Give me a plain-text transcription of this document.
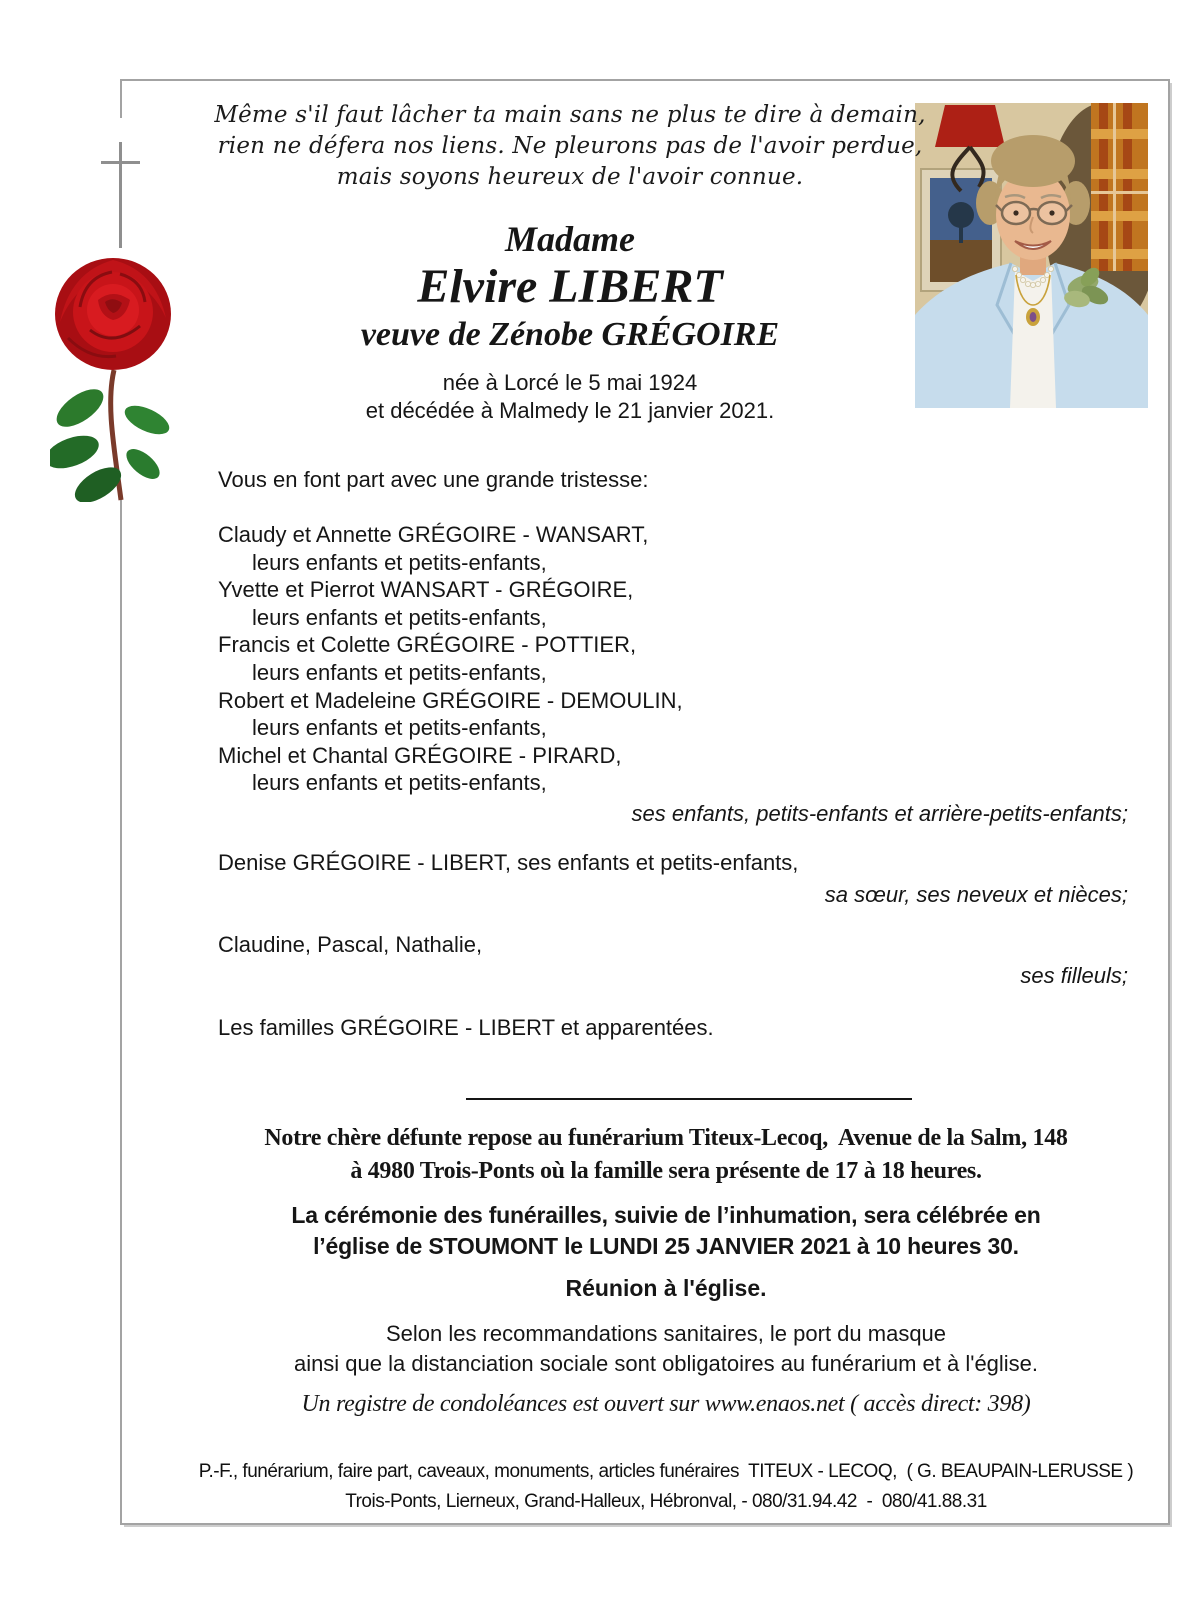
Même s'il faut lâcher ta main sans ne plus te dire à demain,
rien ne défera nos liens. Ne pleurons pas de l'avoir perdue,
mais soyons heureux de l'avoir connue.
Madame
Elvire LIBERT
veuve de Zénobe GRÉGOIRE
née à Lorcé le 5 mai 1924
et décédée à Malmedy le 21 janvier 2021.
Vous en font part avec une grande tristesse:
Claudy et Annette GRÉGOIRE - WANSART,
leurs enfants et petits-enfants,
Yvette et Pierrot WANSART - GRÉGOIRE,
leurs enfants et petits-enfants,
Francis et Colette GRÉGOIRE - POTTIER,
leurs enfants et petits-enfants,
Robert et Madeleine GRÉGOIRE - DEMOULIN,
leurs enfants et petits-enfants,
Michel et Chantal GRÉGOIRE - PIRARD,
leurs enfants et petits-enfants,
ses enfants, petits-enfants et arrière-petits-enfants;
Denise GRÉGOIRE - LIBERT, ses enfants et petits-enfants,
sa sœur, ses neveux et nièces;
Claudine, Pascal, Nathalie,
ses filleuls;
Les familles GRÉGOIRE - LIBERT et apparentées.
Notre chère défunte repose au funérarium Titeux-Lecoq,  Avenue de la Salm, 148
à 4980 Trois-Ponts où la famille sera présente de 17 à 18 heures.
La cérémonie des funérailles, suivie de l’inhumation, sera célébrée en
l’église de STOUMONT le LUNDI 25 JANVIER 2021 à 10 heures 30.
Réunion à l'église.
Selon les recommandations sanitaires, le port du masque
ainsi que la distanciation sociale sont obligatoires au funérarium et à l'église.
Un registre de condoléances est ouvert sur www.enaos.net ( accès direct: 398)
P.-F., funérarium, faire part, caveaux, monuments, articles funéraires  TITEUX - LECOQ,  ( G. BEAUPAIN-LERUSSE )
Trois-Ponts, Lierneux, Grand-Halleux, Hébronval, - 080/31.94.42  -  080/41.88.31
